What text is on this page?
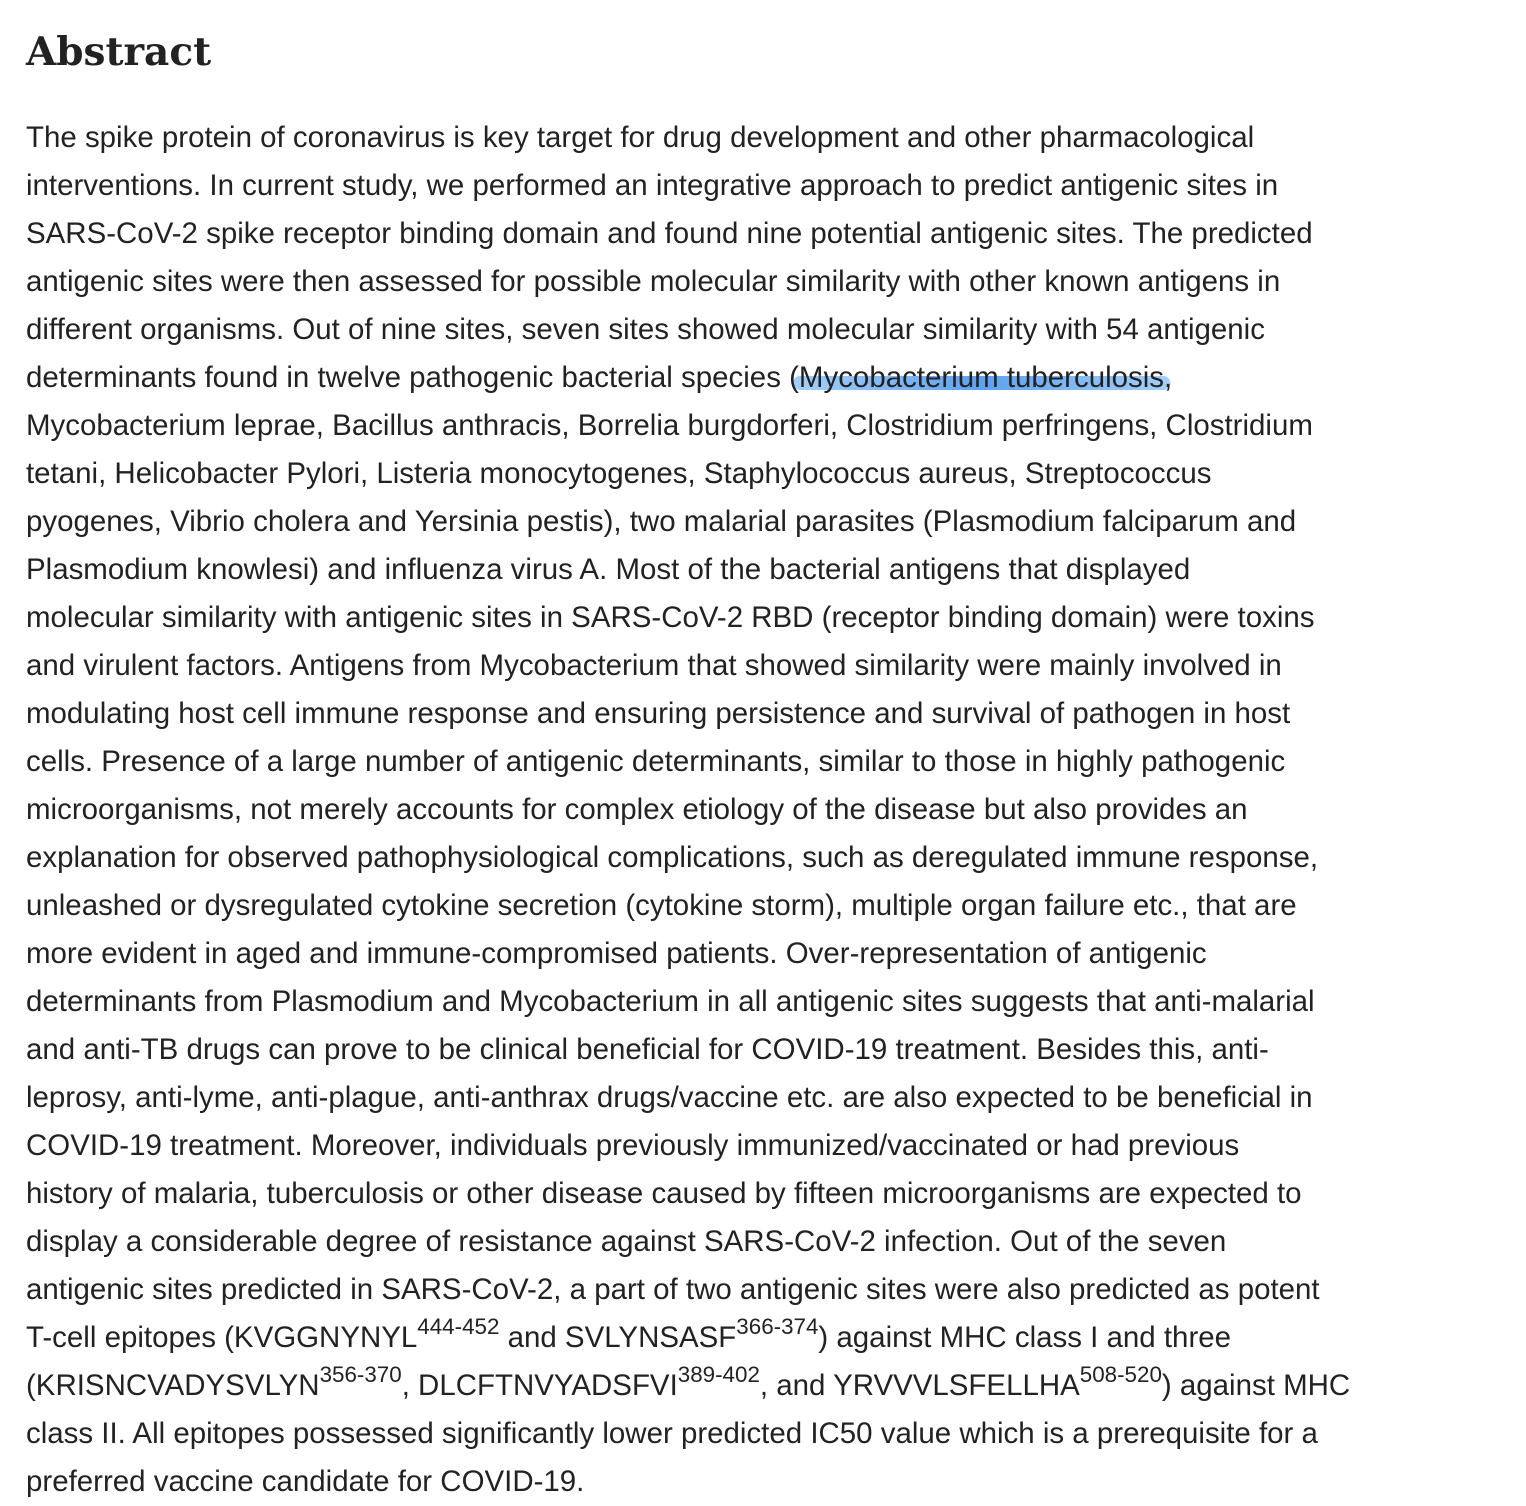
Abstract
The spike protein of coronavirus is key target for drug development and other pharmacological
interventions. In current study, we performed an integrative approach to predict antigenic sites in
SARS-CoV-2 spike receptor binding domain and found nine potential antigenic sites. The predicted
antigenic sites were then assessed for possible molecular similarity with other known antigens in
different organisms. Out of nine sites, seven sites showed molecular similarity with 54 antigenic
determinants found in twelve pathogenic bacterial species (Mycobacterium tuberculosis,
Mycobacterium leprae, Bacillus anthracis, Borrelia burgdorferi, Clostridium perfringens, Clostridium
tetani, Helicobacter Pylori, Listeria monocytogenes, Staphylococcus aureus, Streptococcus
pyogenes, Vibrio cholera and Yersinia pestis), two malarial parasites (Plasmodium falciparum and
Plasmodium knowlesi) and influenza virus A. Most of the bacterial antigens that displayed
molecular similarity with antigenic sites in SARS-CoV-2 RBD (receptor binding domain) were toxins
and virulent factors. Antigens from Mycobacterium that showed similarity were mainly involved in
modulating host cell immune response and ensuring persistence and survival of pathogen in host
cells. Presence of a large number of antigenic determinants, similar to those in highly pathogenic
microorganisms, not merely accounts for complex etiology of the disease but also provides an
explanation for observed pathophysiological complications, such as deregulated immune response,
unleashed or dysregulated cytokine secretion (cytokine storm), multiple organ failure etc., that are
more evident in aged and immune-compromised patients. Over-representation of antigenic
determinants from Plasmodium and Mycobacterium in all antigenic sites suggests that anti-malarial
and anti-TB drugs can prove to be clinical beneficial for COVID-19 treatment. Besides this, anti-
leprosy, anti-lyme, anti-plague, anti-anthrax drugs/vaccine etc. are also expected to be beneficial in
COVID-19 treatment. Moreover, individuals previously immunized/vaccinated or had previous
history of malaria, tuberculosis or other disease caused by fifteen microorganisms are expected to
display a considerable degree of resistance against SARS-CoV-2 infection. Out of the seven
antigenic sites predicted in SARS-CoV-2, a part of two antigenic sites were also predicted as potent
T-cell epitopes (KVGGNYNYL$^{444-452}$ and SVLYNSASF$^{366-374}$) against MHC class I and three
(KRISNCVADYSVLYN$^{356-370}$, DLCFTNVYADSFVI$^{389-402}$, and YRVVVLSFELLHA$^{508-520}$) against MHC
class II. All epitopes possessed significantly lower predicted IC50 value which is a prerequisite for a
preferred vaccine candidate for COVID-19.
